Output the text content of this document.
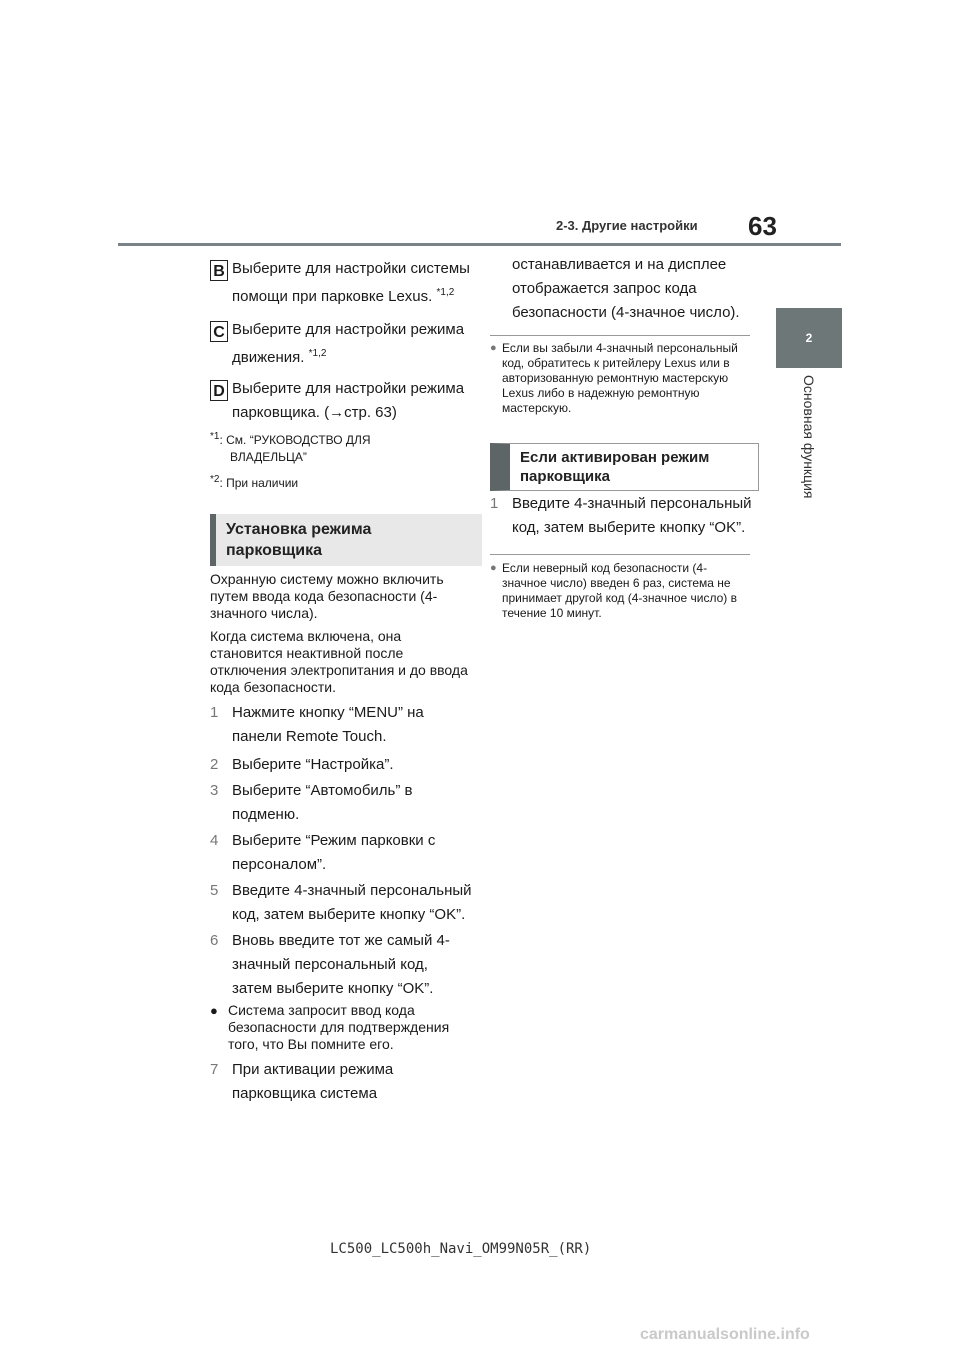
2-3. Другие настройки 63
2
Основная функция
B Выберите для настройки системы
помощи при парковке Lexus. $^{*1,2}$
C Выберите для настройки режима
движения. $^{*1,2}$
D Выберите для настройки режима
парковщика. (→стр. 63)
$^{*1}$: См. “РУКОВОДСТВО ДЛЯ
ВЛАДЕЛЬЦА”
$^{*2}$: При наличии
Установка режима
парковщика
Охранную систему можно включить путем ввода кода безопасности (4-значного числа).
Когда система включена, она становится неактивной после отключения электропитания и до ввода кода безопасности.
1 Нажмите кнопку “MENU” на
панели Remote Touch.
2 Выберите “Настройка”.
3 Выберите “Автомобиль” в
подменю.
4 Выберите “Режим парковки с
персоналом”.
5 Введите 4-значный персональный
код, затем выберите кнопку “OK”.
6 Вновь введите тот же самый 4-
значный персональный код,
затем выберите кнопку “OK”.
● Система запросит ввод кода безопасности для подтверждения того, что Вы помните его.
7 При активации режима
парковщика система
останавливается и на дисплее
отображается запрос кода
безопасности (4-значное число).
● Если вы забыли 4-значный персональный код, обратитесь к ритейлеру Lexus или в авторизованную ремонтную мастерскую Lexus либо в надежную ремонтную мастерскую.
Если активирован режим
парковщика
1 Введите 4-значный персональный
код, затем выберите кнопку “OK”.
● Если неверный код безопасности (4-значное число) введен 6 раз, система не принимает другой код (4-значное число) в течение 10 минут.
LC500_LC500h_Navi_OM99N05R_(RR)
carmanualsonline.info
